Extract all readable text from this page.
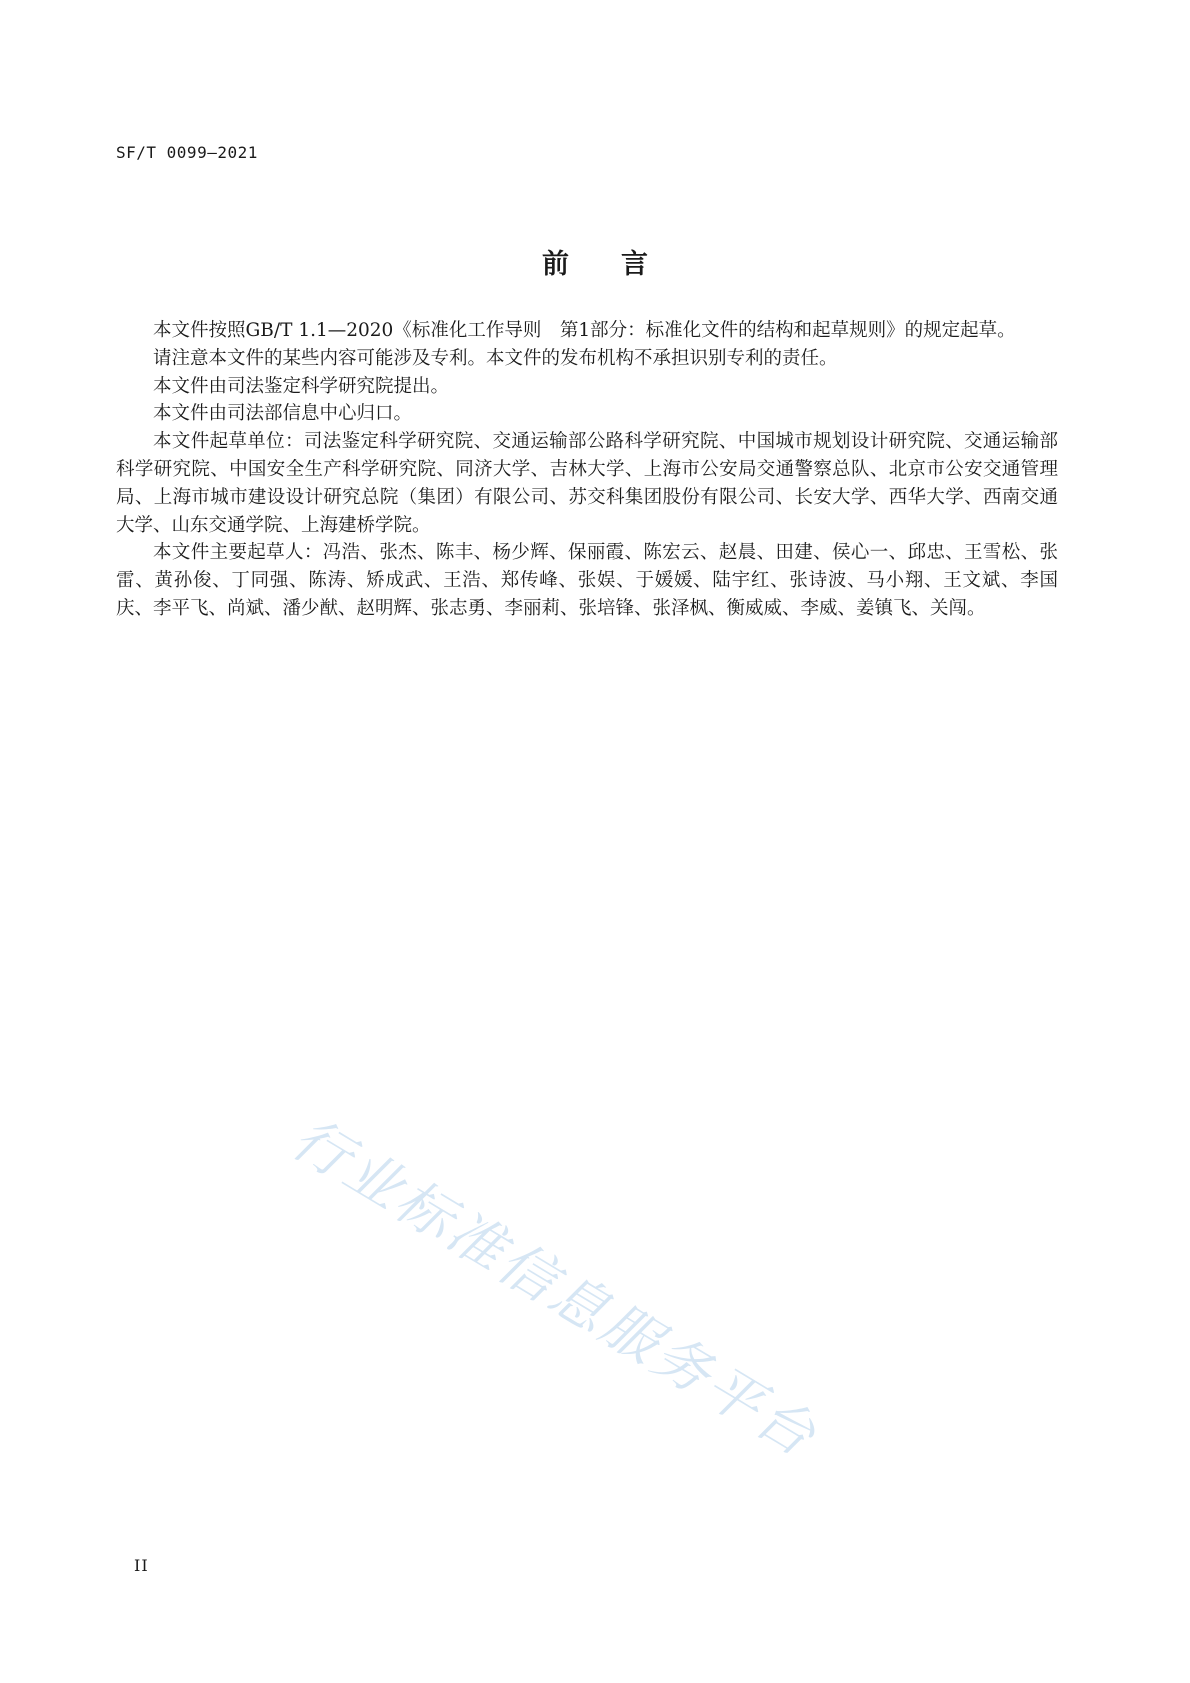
SF/T 0099—2021
前言

本文件按照GB/T 1.1—2020《标准化工作导则　第1部分：标准化文件的结构和起草规则》的规定起草。

请注意本文件的某些内容可能涉及专利。本文件的发布机构不承担识别专利的责任。

本文件由司法鉴定科学研究院提出。

本文件由司法部信息中心归口。

本文件起草单位：司法鉴定科学研究院、交通运输部公路科学研究院、中国城市规划设计研究院、交通运输部科学研究院、中国安全生产科学研究院、同济大学、吉林大学、上海市公安局交通警察总队、北京市公安交通管理局、上海市城市建设设计研究总院（集团）有限公司、苏交科集团股份有限公司、长安大学、西华大学、西南交通大学、山东交通学院、上海建桥学院。

本文件主要起草人：冯浩、张杰、陈丰、杨少辉、保丽霞、陈宏云、赵晨、田建、侯心一、邱忠、王雪松、张雷、黄孙俊、丁同强、陈涛、矫成武、王浩、郑传峰、张娱、于媛媛、陆宇红、张诗波、马小翔、王文斌、李国庆、李平飞、尚斌、潘少猷、赵明辉、张志勇、李丽莉、张培锋、张泽枫、衡威威、李威、姜镇飞、关闯。

行业标准信息服务平台
II
